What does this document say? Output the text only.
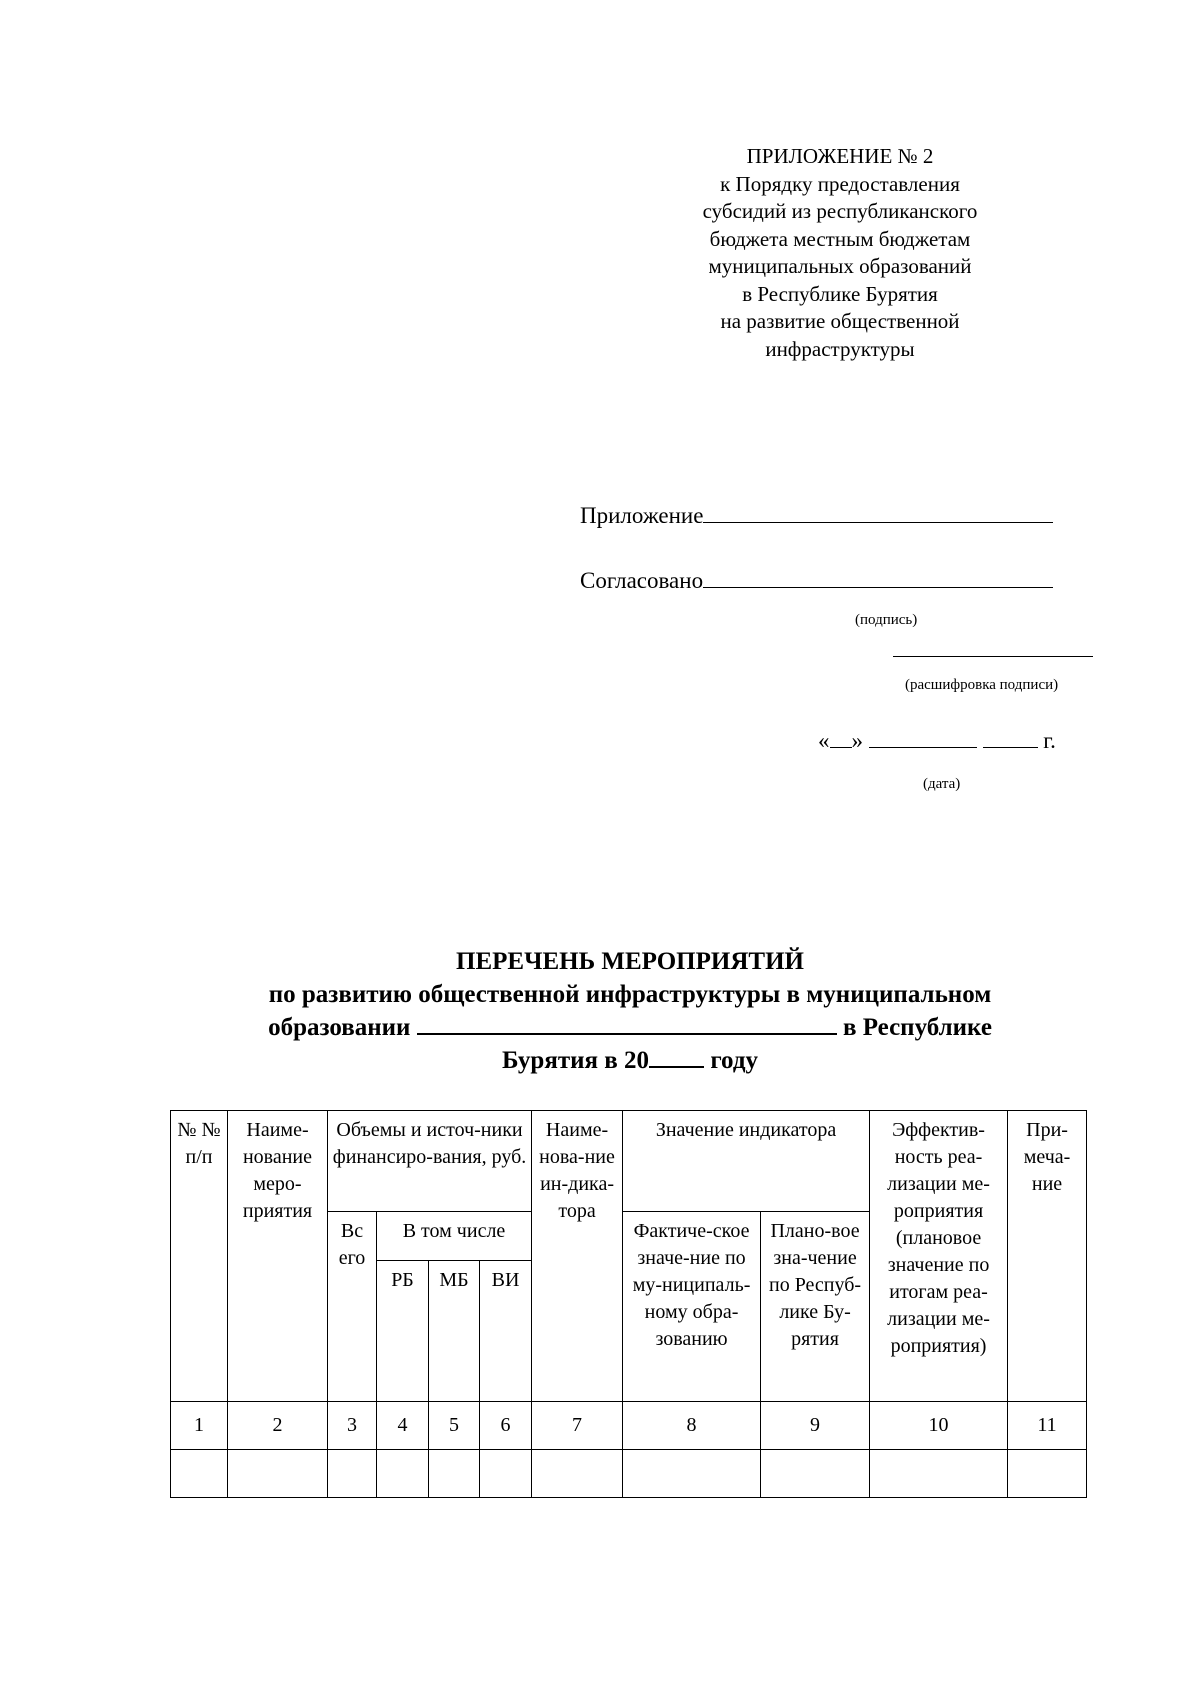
ПРИЛОЖЕНИЕ № 2
к Порядку предоставления
субсидий из республиканского
бюджета местным бюджетам
муниципальных образований
в Республике Бурятия
на развитие общественной
инфраструктуры
Приложение
Согласовано
(подпись)
(расшифровка подписи)
« »	г.
(дата)
ПЕРЕЧЕНЬ МЕРОПРИЯТИЙ
по развитию общественной инфраструктуры в муниципальном
образовании	в Республике
Бурятия в 20 году
№ № п/п	Наиме-нование меро-приятия	Объемы и источ-ники финансиро-вания, руб.				Наиме-нова-ние ин-дика-тора	Значение индикатора		Эффектив-ность реа-лизации ме-роприятия (плановое значение по итогам реа-лизации ме-роприятия)	При-меча-ние
		Вс его	В том числе				Фактиче-ское значе-ние по му-ниципаль-ному обра-зованию	Плано-вое зна-чение по Респуб-лике Бу-рятия		
			РБ	МБ	ВИ					
1	2	3	4	5	6	7	8	9	10	11
